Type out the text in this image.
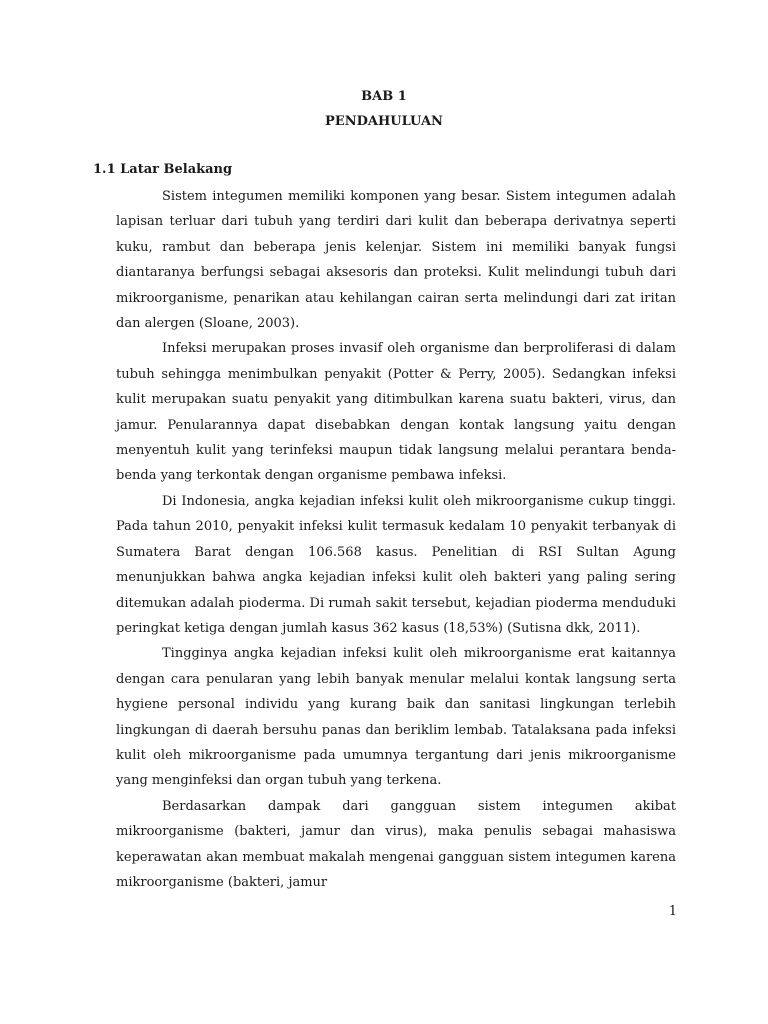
BAB 1

PENDAHULUAN

1.1 Latar Belakang

Sistem integumen memiliki komponen yang besar. Sistem integumen adalah lapisan terluar dari tubuh yang terdiri dari kulit dan beberapa derivatnya seperti kuku, rambut dan beberapa jenis kelenjar. Sistem ini memiliki banyak fungsi diantaranya berfungsi sebagai aksesoris dan proteksi. Kulit melindungi tubuh dari mikroorganisme, penarikan atau kehilangan cairan serta melindungi dari zat iritan dan alergen (Sloane, 2003).

Infeksi merupakan proses invasif oleh organisme dan berproliferasi di dalam tubuh sehingga menimbulkan penyakit (Potter & Perry, 2005). Sedangkan infeksi kulit merupakan suatu penyakit yang ditimbulkan karena suatu bakteri, virus, dan jamur. Penularannya dapat disebabkan dengan kontak langsung yaitu dengan menyentuh kulit yang terinfeksi maupun tidak langsung melalui perantara benda-benda yang terkontak dengan organisme pembawa infeksi.

Di Indonesia, angka kejadian infeksi kulit oleh mikroorganisme cukup tinggi. Pada tahun 2010, penyakit infeksi kulit termasuk kedalam 10 penyakit terbanyak di Sumatera Barat dengan 106.568 kasus. Penelitian di RSI Sultan Agung menunjukkan bahwa angka kejadian infeksi kulit oleh bakteri yang paling sering ditemukan adalah pioderma. Di rumah sakit tersebut, kejadian pioderma menduduki peringkat ketiga dengan jumlah kasus 362 kasus (18,53%) (Sutisna dkk, 2011).

Tingginya angka kejadian infeksi kulit oleh mikroorganisme erat kaitannya dengan cara penularan yang lebih banyak menular melalui kontak langsung serta hygiene personal individu yang kurang baik dan sanitasi lingkungan terlebih lingkungan di daerah bersuhu panas dan beriklim lembab. Tatalaksana pada infeksi kulit oleh mikroorganisme pada umumnya tergantung dari jenis mikroorganisme yang menginfeksi dan organ tubuh yang terkena.

Berdasarkan dampak dari gangguan sistem integumen akibat mikroorganisme (bakteri, jamur dan virus), maka penulis sebagai mahasiswa keperawatan akan membuat makalah mengenai gangguan sistem integumen karena mikroorganisme (bakteri, jamur

1
